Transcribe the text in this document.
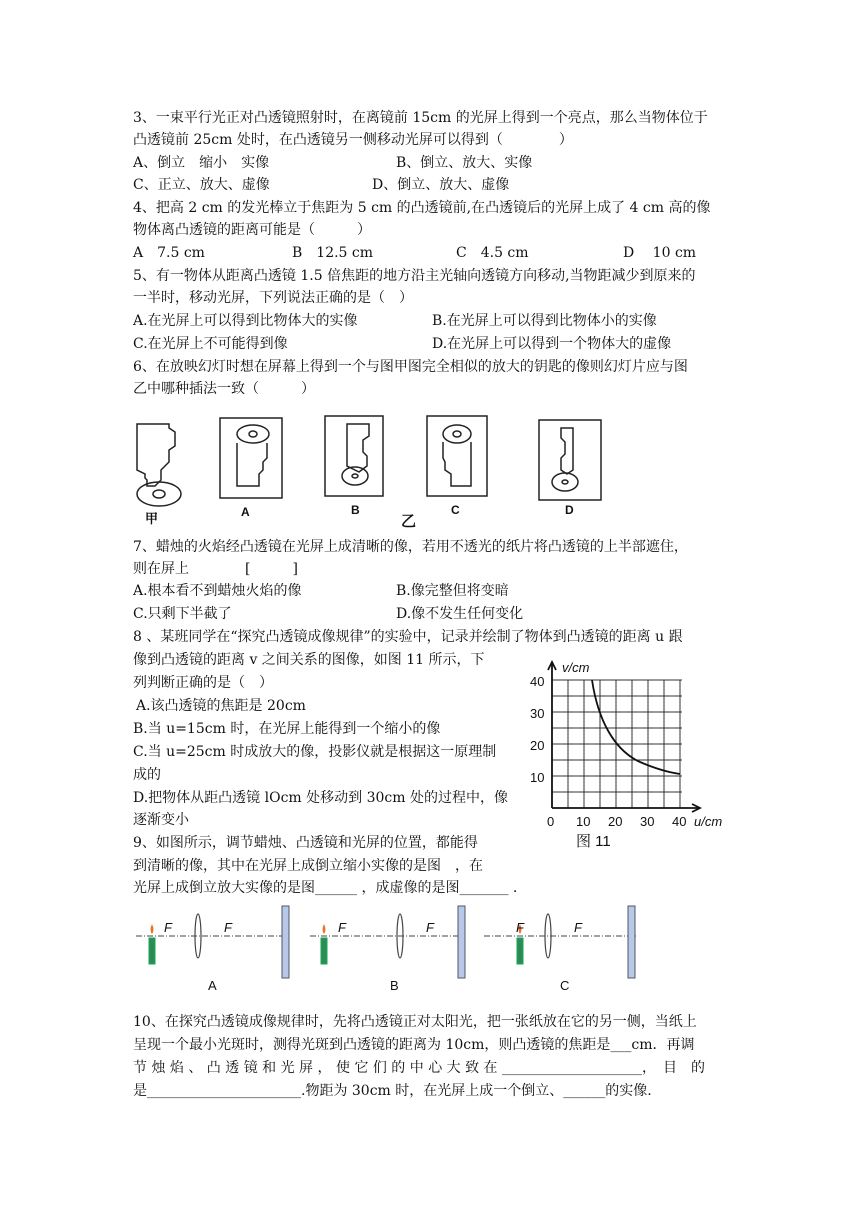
3、一束平行光正对凸透镜照射时，在离镜前 15cm 的光屏上得到一个亮点，那么当物体位于
凸透镜前 25cm 处时，在凸透镜另一侧移动光屏可以得到（　　　　）
A、倒立　缩小　实像	B、倒立、放大、实像
C、正立、放大、虚像	D、倒立、放大、虚像
4、把高 2 cm 的发光棒立于焦距为 5 cm 的凸透镜前,在凸透镜后的光屏上成了 4 cm 高的像
物体离凸透镜的距离可能是（　　　）
A　7.5 cm	B　12.5 cm	C　4.5 cm	D　 10 cm
5、有一物体从距离凸透镜 1.5 倍焦距的地方沿主光轴向透镜方向移动,当物距减少到原来的
一半时，移动光屏，下列说法正确的是（　）
A.在光屏上可以得到比物体大的实像	B.在光屏上可以得到比物体小的实像
C.在光屏上不可能得到像	D.在光屏上可以得到一个物体大的虚像
6、在放映幻灯时想在屏幕上得到一个与图甲图完全相似的放大的钥匙的像则幻灯片应与图
乙中哪种插法一致（　　　）
甲	A	B
乙
C	D
7、蜡烛的火焰经凸透镜在光屏上成清晰的像，若用不透光的纸片将凸透镜的上半部遮住，
则在屏上　　　　[　　　]
A.根本看不到蜡烛火焰的像	B.像完整但将变暗
C.只剩下半截了	D.像不发生任何变化
8 、某班同学在“探究凸透镜成像规律”的实验中，记录并绘制了物体到凸透镜的距离 u 跟
像到凸透镜的距离 v 之间关系的图像，如图 11 所示，下
列判断正确的是（　）
A.该凸透镜的焦距是 20cm
B.当 u=15cm 时，在光屏上能得到一个缩小的像
C.当 u=25cm 时成放大的像，投影仪就是根据这一原理制
成的
D.把物体从距凸透镜 lOcm 处移动到 30cm 处的过程中，像
逐渐变小
v/cm
40
30
20
10
0 10 20 30 40 u/cm
图 11
9、如图所示，调节蜡烛、凸透镜和光屏的位置，都能得
到清晰的像，其中在光屏上成倒立缩小实像的是图　，在
光屏上成倒立放大实像的是图______ ，成虚像的是图_______ .
F	F
A
F	F
B
F	F
C
10、在探究凸透镜成像规律时，先将凸透镜正对太阳光，把一张纸放在它的另一侧，当纸上
呈现一个最小光斑时，测得光斑到凸透镜的距离为 10cm，则凸透镜的焦距是___cm．再调
节 烛 焰 、 凸 透 镜 和 光 屏 ， 使 它 们 的 中 心 大 致 在 ____________________，　目　的
是______________________.物距为 30cm 时，在光屏上成一个倒立、______的实像.
